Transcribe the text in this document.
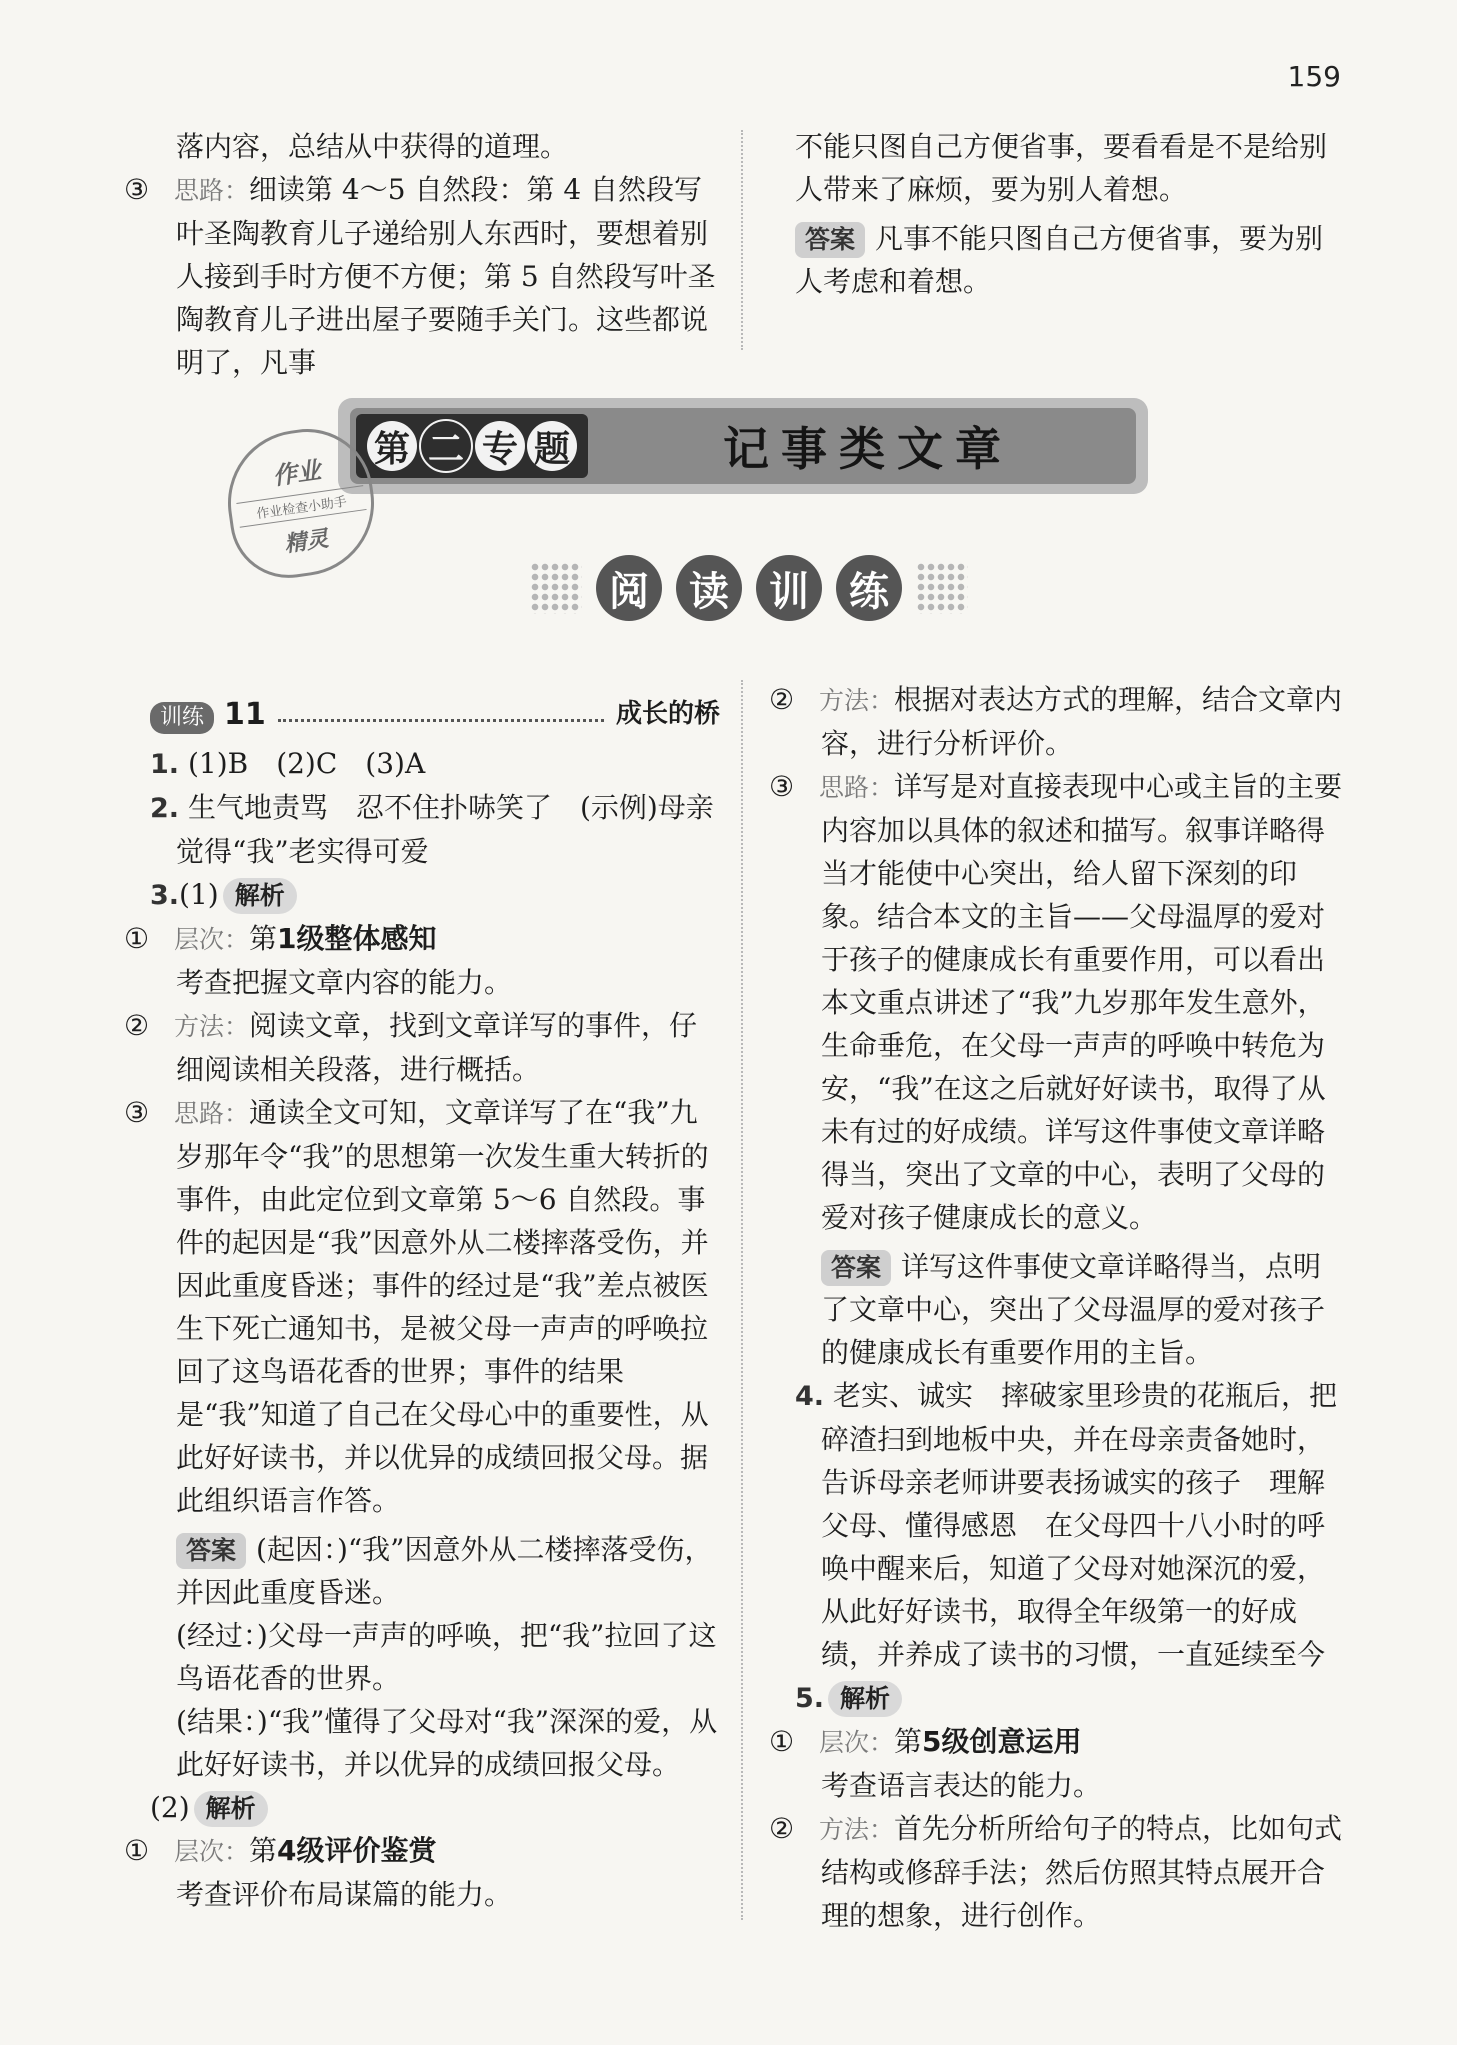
159

落内容，总结从中获得的道理。

③ 思路：细读第 4～5 自然段：第 4 自然段写叶圣陶教育儿子递给别人东西时，要想着别人接到手时方便不方便；第 5 自然段写叶圣陶教育儿子进出屋子要随手关门。这些都说明了，凡事

不能只图自己方便省事，要看看是不是给别人带来了麻烦，要为别人着想。

答案 凡事不能只图自己方便省事，要为别人考虑和着想。

第 二 专 题	记事类文章
作业
作业检查小助手
精灵
阅	读	训	练
训练 11	成长的桥

1. (1)B　(2)C　(3)A

2. 生气地责骂　忍不住扑哧笑了　(示例)母亲觉得“我”老实得可爱

3.(1) 解析

① 层次：第1级整体感知

考查把握文章内容的能力。

② 方法：阅读文章，找到文章详写的事件，仔细阅读相关段落，进行概括。

③ 思路：通读全文可知，文章详写了在“我”九岁那年令“我”的思想第一次发生重大转折的事件，由此定位到文章第 5～6 自然段。事件的起因是“我”因意外从二楼摔落受伤，并因此重度昏迷；事件的经过是“我”差点被医生下死亡通知书，是被父母一声声的呼唤拉回了这鸟语花香的世界；事件的结果是“我”知道了自己在父母心中的重要性，从此好好读书，并以优异的成绩回报父母。据此组织语言作答。

答案 (起因：)“我”因意外从二楼摔落受伤，并因此重度昏迷。

(经过：)父母一声声的呼唤，把“我”拉回了这鸟语花香的世界。

(结果：)“我”懂得了父母对“我”深深的爱，从此好好读书，并以优异的成绩回报父母。

(2) 解析

① 层次：第4级评价鉴赏

考查评价布局谋篇的能力。

② 方法：根据对表达方式的理解，结合文章内容，进行分析评价。

③ 思路：详写是对直接表现中心或主旨的主要内容加以具体的叙述和描写。叙事详略得当才能使中心突出，给人留下深刻的印象。结合本文的主旨——父母温厚的爱对于孩子的健康成长有重要作用，可以看出本文重点讲述了“我”九岁那年发生意外，生命垂危，在父母一声声的呼唤中转危为安，“我”在这之后就好好读书，取得了从未有过的好成绩。详写这件事使文章详略得当，突出了文章的中心，表明了父母的爱对孩子健康成长的意义。

答案 详写这件事使文章详略得当，点明了文章中心，突出了父母温厚的爱对孩子的健康成长有重要作用的主旨。

4. 老实、诚实　摔破家里珍贵的花瓶后，把碎渣扫到地板中央，并在母亲责备她时，告诉母亲老师讲要表扬诚实的孩子　理解父母、懂得感恩　在父母四十八小时的呼唤中醒来后，知道了父母对她深沉的爱，从此好好读书，取得全年级第一的好成绩，并养成了读书的习惯，一直延续至今

5. 解析

① 层次：第5级创意运用

考查语言表达的能力。

② 方法：首先分析所给句子的特点，比如句式结构或修辞手法；然后仿照其特点展开合理的想象，进行创作。
